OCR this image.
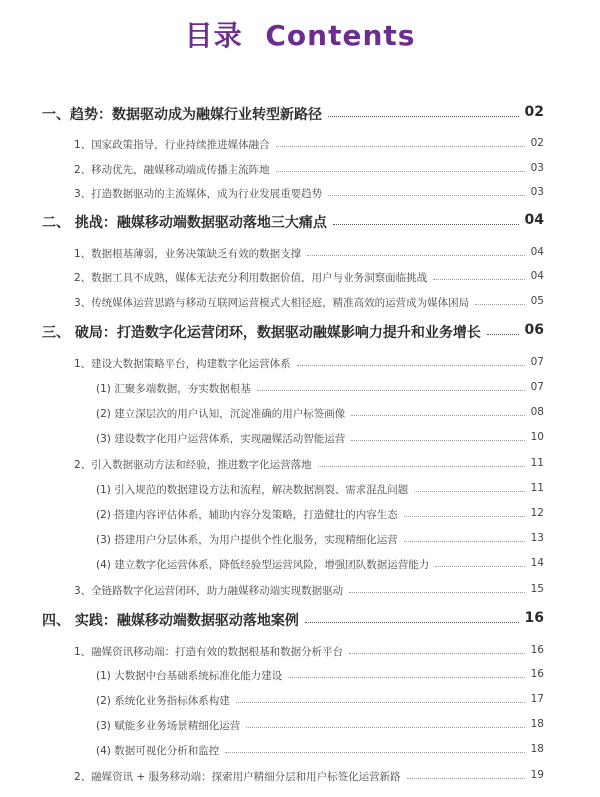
目录 Contents
一、趋势：数据驱动成为融媒行业转型新路径	02
1、国家政策指导，行业持续推进媒体融合	02
2、移动优先，融媒移动端成传播主流阵地	03
3、打造数据驱动的主流媒体，成为行业发展重要趋势	03
二、 挑战：融媒移动端数据驱动落地三大痛点	04
1、数据根基薄弱，业务决策缺乏有效的数据支撑	04
2、数据工具不成熟，媒体无法充分利用数据价值，用户与业务洞察面临挑战	04
3、传统媒体运营思路与移动互联网运营模式大相径庭，精准高效的运营成为媒体困局	05
三、 破局：打造数字化运营闭环，数据驱动融媒影响力提升和业务增长	06
1、建设大数据策略平台，构建数字化运营体系	07
(1) 汇聚多端数据，夯实数据根基	07
(2) 建立深层次的用户认知，沉淀准确的用户标签画像	08
(3) 建设数字化用户运营体系，实现融媒活动智能运营	10
2、引入数据驱动方法和经验，推进数字化运营落地	11
(1) 引入规范的数据建设方法和流程，解决数据割裂、需求混乱问题	11
(2) 搭建内容评估体系，辅助内容分发策略，打造健壮的内容生态	12
(3) 搭建用户分层体系，为用户提供个性化服务，实现精细化运营	13
(4) 建立数字化运营体系，降低经验型运营风险，增强团队数据运营能力	14
3、全链路数字化运营闭环，助力融媒移动端实现数据驱动	15
四、 实践：融媒移动端数据驱动落地案例	16
1、融媒资讯移动端：打造有效的数据根基和数据分析平台	16
(1) 大数据中台基础系统标准化能力建设	16
(2) 系统化业务指标体系构建	17
(3) 赋能多业务场景精细化运营	18
(4) 数据可视化分析和监控	18
2、融媒资讯 + 服务移动端：探索用户精细分层和用户标签化运营新路	19
